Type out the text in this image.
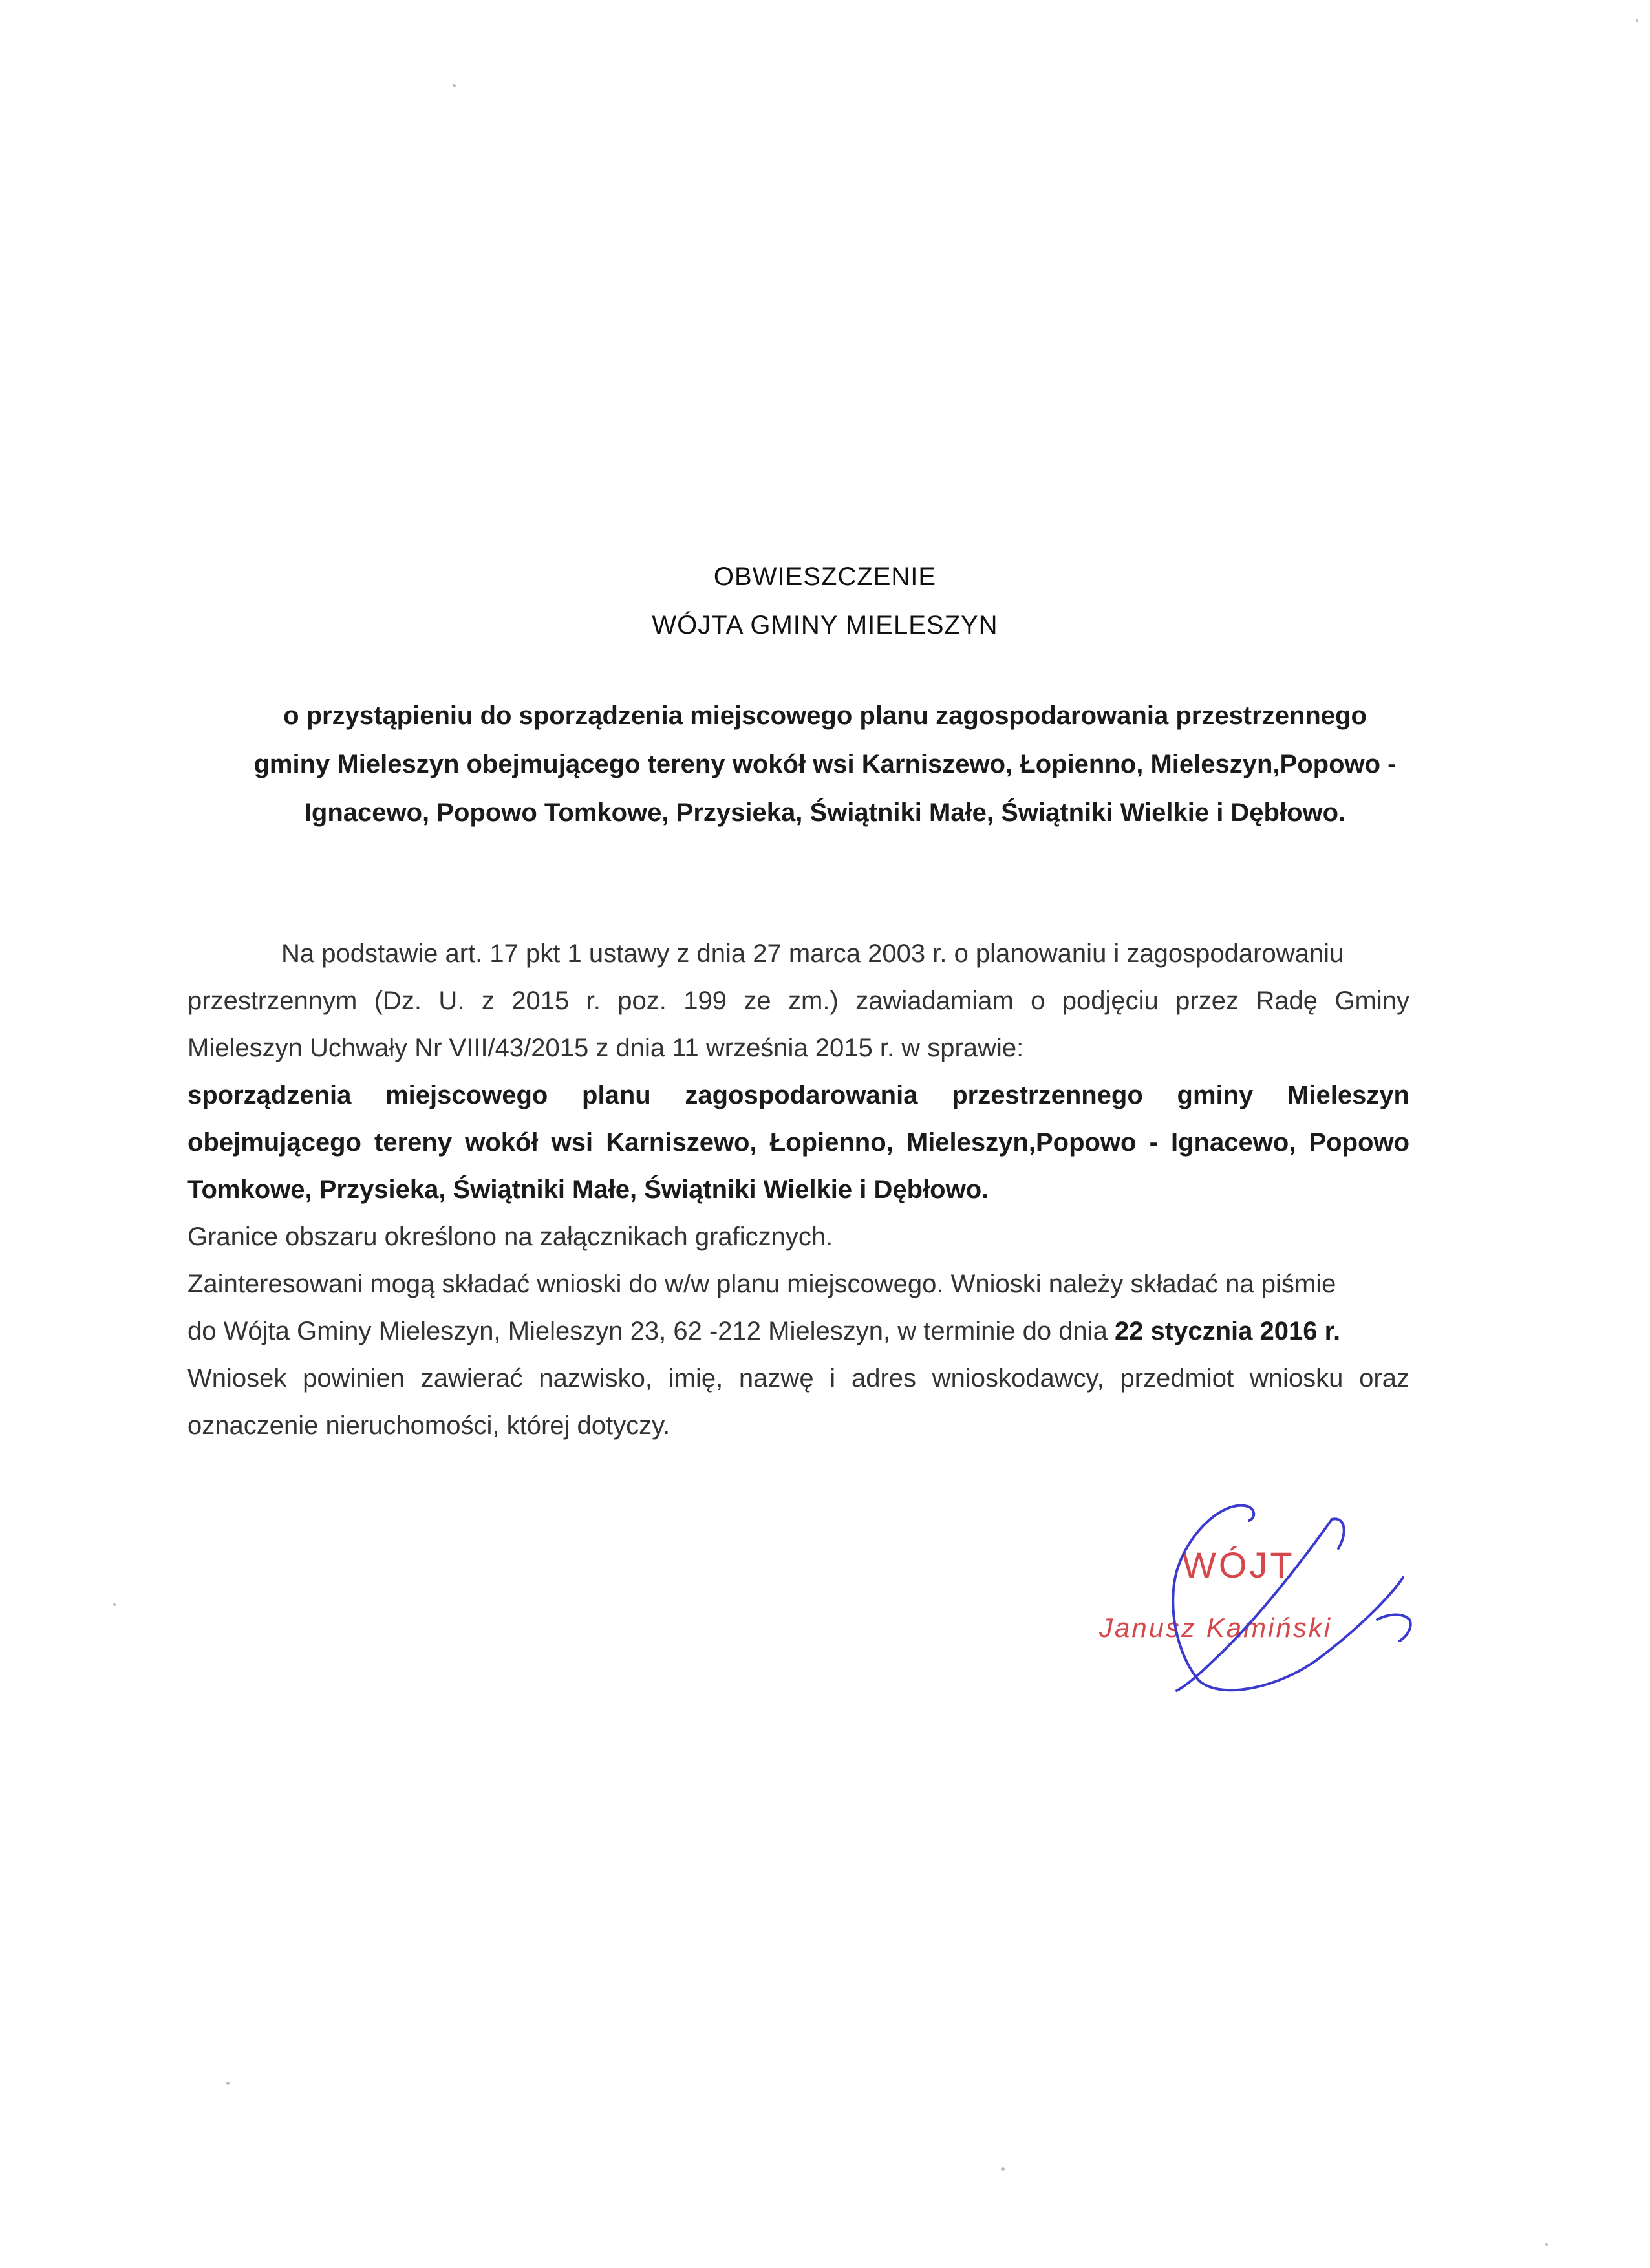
OBWIESZCZENIE
WÓJTA GMINY MIELESZYN
o przystąpieniu do sporządzenia miejscowego planu zagospodarowania przestrzennego
gminy Mieleszyn obejmującego tereny wokół wsi Karniszewo, Łopienno, Mieleszyn,Popowo -
Ignacewo, Popowo Tomkowe, Przysieka, Świątniki Małe, Świątniki Wielkie i Dębłowo.
Na podstawie art. 17 pkt 1 ustawy z dnia 27 marca 2003 r. o planowaniu i zagospodarowaniu
przestrzennym (Dz. U. z 2015 r. poz. 199 ze zm.) zawiadamiam o podjęciu przez Radę Gminy
Mieleszyn Uchwały Nr VIII/43/2015 z dnia 11 września 2015 r. w sprawie:
sporządzenia miejscowego planu zagospodarowania przestrzennego gminy Mieleszyn
obejmującego tereny wokół wsi Karniszewo, Łopienno, Mieleszyn,Popowo - Ignacewo, Popowo
Tomkowe, Przysieka, Świątniki Małe, Świątniki Wielkie i Dębłowo.
Granice obszaru określono na załącznikach graficznych.
Zainteresowani mogą składać wnioski do w/w planu miejscowego. Wnioski należy składać na piśmie
do Wójta Gminy Mieleszyn, Mieleszyn 23, 62 -212 Mieleszyn, w terminie do dnia 22 stycznia 2016 r.
Wniosek powinien zawierać nazwisko, imię, nazwę i adres wnioskodawcy, przedmiot wniosku oraz
oznaczenie nieruchomości, której dotyczy.
WÓJT
Janusz Kamiński
